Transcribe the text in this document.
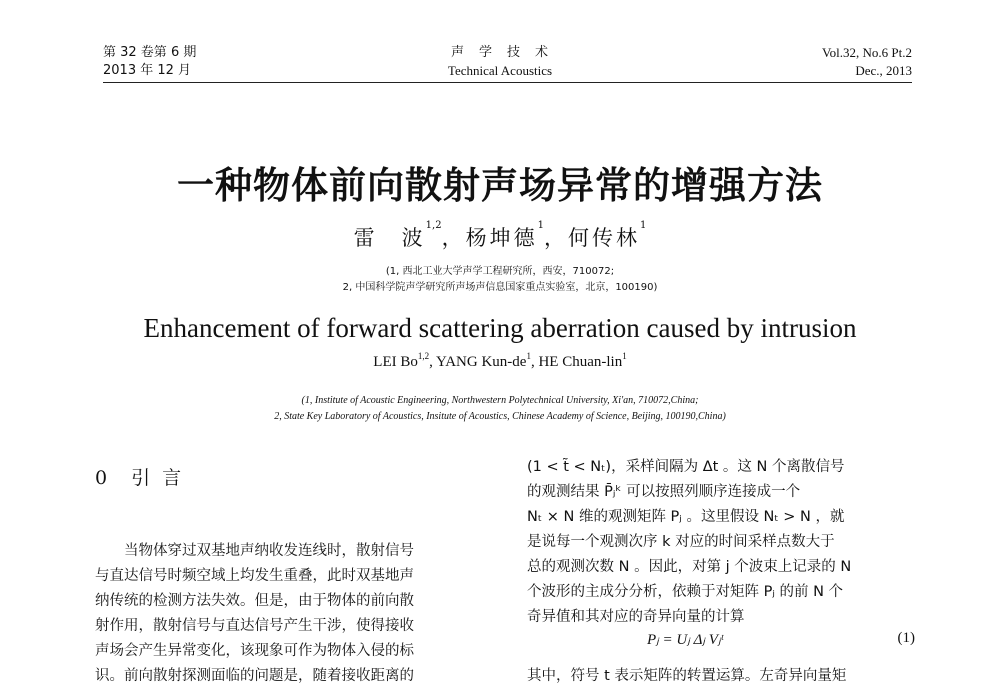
第 32 卷第 6 期
2013 年 12 月
声　学　技　术
Technical Acoustics
Vol.32, No.6 Pt.2
Dec., 2013
一种物体前向散射声场异常的增强方法
雷　波$^{1,2}$，杨坤德$^1$，何传林$^1$
(1, 西北工业大学声学工程研究所，西安，710072;
2, 中国科学院声学研究所声场声信息国家重点实验室，北京，100190)
Enhancement of forward scattering aberration caused by intrusion
LEI Bo$^{1,2}$, YANG Kun-$de^1$, HE Chuan-lin$^1$
(1, Institute of Acoustic Engineering, Northwestern Polytechnical University, Xi'an, 710072,China;
2, State Key Laboratory of Acoustics, Insitute of Acoustics, Chinese Academy of Science, Beijing, 100190,China)
0 引言
　　当物体穿过双基地声纳收发连线时，散射信号
与直达信号时频空域上均发生重叠，此时双基地声
纳传统的检测方法失效。但是，由于物体的前向散
射作用，散射信号与直达信号产生干涉，使得接收
声场会产生异常变化，该现象可作为物体入侵的标
识。前向散射探测面临的问题是，随着接收距离的
(1 < t̃ < Nₜ)，采样间隔为 Δt 。这 N 个离散信号
的观测结果 P̄ⱼᵏ 可以按照列顺序连接成一个
Nₜ × N 维的观测矩阵 Pⱼ 。这里假设 Nₜ > N ，就
是说每一个观测次序 k 对应的时间采样点数大于
总的观测次数 N 。因此，对第 j 个波束上记录的 N
个波形的主成分分析，依赖于对矩阵 Pⱼ 的前 N 个
奇异值和其对应的奇异向量的计算
Pⱼ = Uⱼ Δⱼ Vⱼᵗ	(1)
其中，符号 t 表示矩阵的转置运算。左奇异向量矩
